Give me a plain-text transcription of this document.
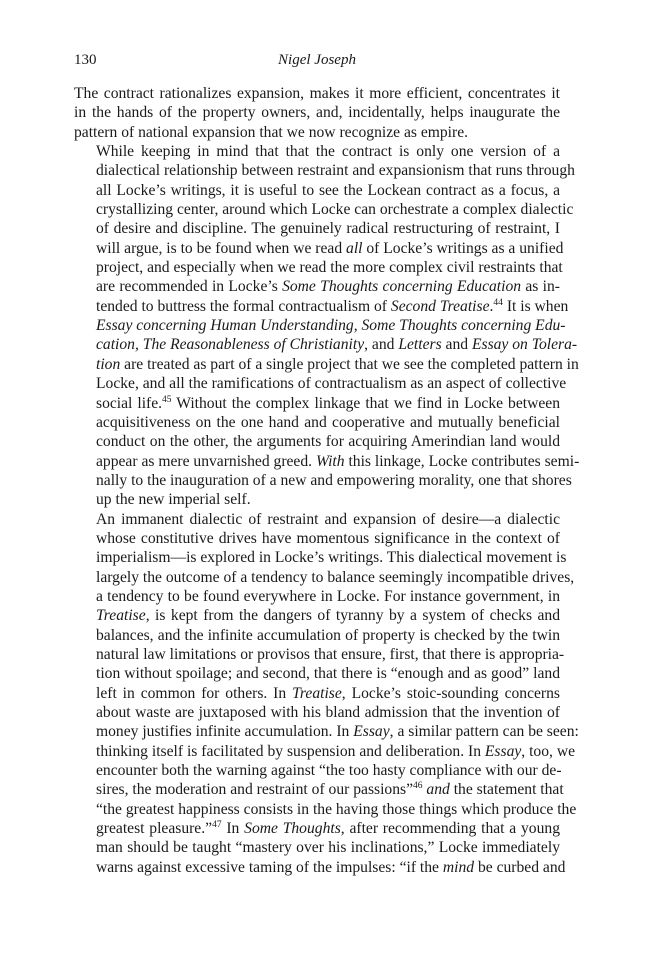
130	Nigel Joseph

The contract rationalizes expansion, makes it more efficient, concentrates it
in the hands of the property owners, and, incidentally, helps inaugurate the
pattern of national expansion that we now recognize as empire.

While keeping in mind that that the contract is only one version of a
dialectical relationship between restraint and expansionism that runs through
all Locke’s writings, it is useful to see the Lockean contract as a focus, a
crystallizing center, around which Locke can orchestrate a complex dialectic
of desire and discipline. The genuinely radical restructuring of restraint, I
will argue, is to be found when we read all of Locke’s writings as a unified
project, and especially when we read the more complex civil restraints that
are recommended in Locke’s Some Thoughts concerning Education as in-
tended to buttress the formal contractualism of Second Treatise.$^{44}$ It is when
Essay concerning Human Understanding, Some Thoughts concerning Edu-
cation, The Reasonableness of Christianity, and Letters and Essay on Tolera-
tion are treated as part of a single project that we see the completed pattern in
Locke, and all the ramifications of contractualism as an aspect of collective
social life.$^{45}$ Without the complex linkage that we find in Locke between
acquisitiveness on the one hand and cooperative and mutually beneficial
conduct on the other, the arguments for acquiring Amerindian land would
appear as mere unvarnished greed. With this linkage, Locke contributes semi-
nally to the inauguration of a new and empowering morality, one that shores
up the new imperial self.

An immanent dialectic of restraint and expansion of desire—a dialectic
whose constitutive drives have momentous significance in the context of
imperialism—is explored in Locke’s writings. This dialectical movement is
largely the outcome of a tendency to balance seemingly incompatible drives,
a tendency to be found everywhere in Locke. For instance government, in
Treatise, is kept from the dangers of tyranny by a system of checks and
balances, and the infinite accumulation of property is checked by the twin
natural law limitations or provisos that ensure, first, that there is appropria-
tion without spoilage; and second, that there is “enough and as good” land
left in common for others. In Treatise, Locke’s stoic-sounding concerns
about waste are juxtaposed with his bland admission that the invention of
money justifies infinite accumulation. In Essay, a similar pattern can be seen:
thinking itself is facilitated by suspension and deliberation. In Essay, too, we
encounter both the warning against “the too hasty compliance with our de-
sires, the moderation and restraint of our passions”$^{46}$ and the statement that
“the greatest happiness consists in the having those things which produce the
greatest pleasure.”$^{47}$ In Some Thoughts, after recommending that a young
man should be taught “mastery over his inclinations,” Locke immediately
warns against excessive taming of the impulses: “if the mind be curbed and
